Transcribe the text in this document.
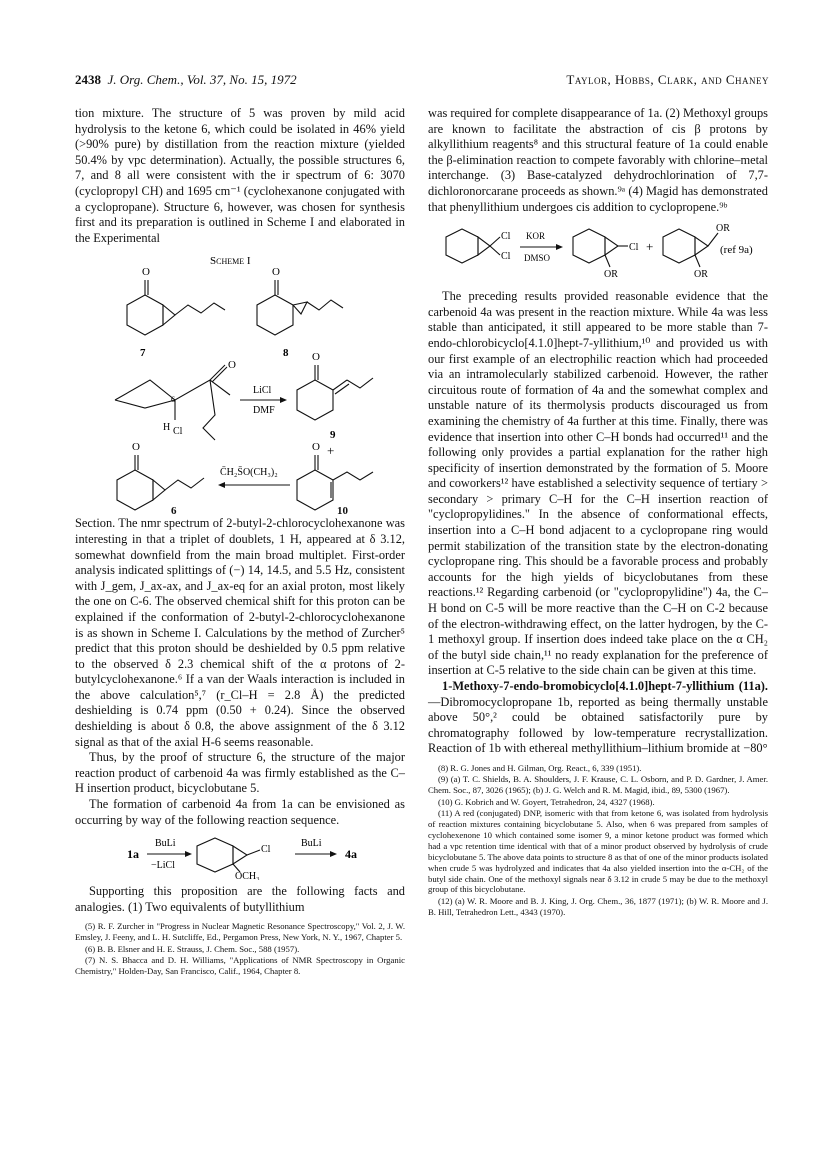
2438 J. Org. Chem., Vol. 37, No. 15, 1972	Taylor, Hobbs, Clark, and Chaney

tion mixture. The structure of 5 was proven by mild acid hydrolysis to the ketone 6, which could be isolated in 46% yield (>90% pure) by distillation from the reaction mixture (yielded 50.4% by vpc determination). Actually, the possible structures 6, 7, and 8 all were consistent with the ir spectrum of 6: 3070 (cyclopropyl CH) and 1695 cm⁻¹ (cyclohexanone conjugated with a cyclopropane). Structure 6, however, was chosen for synthesis first and its preparation is outlined in Scheme I and elaborated in the Experimental

Scheme I
O
7
O
8
O
6
H Cl
LiCl
DMF
O
9
+
O
C̄H₂S̄O(CH₃)₂
O
6	10

Section. The nmr spectrum of 2-butyl-2-chlorocyclohexanone was interesting in that a triplet of doublets, 1 H, appeared at δ 3.12, somewhat downfield from the main broad multiplet. First-order analysis indicated splittings of (−) 14, 14.5, and 5.5 Hz, consistent with J_gem, J_ax-ax, and J_ax-eq for an axial proton, most likely the one on C-6. The observed chemical shift for this proton can be explained if the conformation of 2-butyl-2-chlorocyclohexanone is as shown in Scheme I. Calculations by the method of Zurcher⁵ predict that this proton should be deshielded by 0.5 ppm relative to the observed δ 2.3 chemical shift of the α protons of 2-butylcyclohexanone.⁶ If a van der Waals interaction is included in the above calculation⁵,⁷ (r_Cl–H = 2.8 Å) the predicted deshielding is 0.74 ppm (0.50 + 0.24). Since the observed deshielding is about δ 0.8, the above assignment of the δ 3.12 signal as that of the axial H-6 seems reasonable.

Thus, by the proof of structure 6, the structure of the major reaction product of carbenoid 4a was firmly established as the C–H insertion product, bicyclobutane 5.

The formation of carbenoid 4a from 1a can be envisioned as occurring by way of the following reaction sequence.

1a
BuLi
−LiCl
Cl
OCH₃
BuLi
4a

Supporting this proposition are the following facts and analogies. (1) Two equivalents of butyllithium

(5) R. F. Zurcher in "Progress in Nuclear Magnetic Resonance Spectroscopy," Vol. 2, J. W. Emsley, J. Feeny, and L. H. Sutcliffe, Ed., Pergamon Press, New York, N. Y., 1967, Chapter 5.

(6) B. B. Elsner and H. E. Strauss, J. Chem. Soc., 588 (1957).

(7) N. S. Bhacca and D. H. Williams, "Applications of NMR Spectroscopy in Organic Chemistry," Holden-Day, San Francisco, Calif., 1964, Chapter 8.

was required for complete disappearance of 1a. (2) Methoxyl groups are known to facilitate the abstraction of cis β protons by alkyllithium reagents⁸ and this structural feature of 1a could enable the β-elimination reaction to compete favorably with chlorine–metal interchange. (3) Base-catalyzed dehydrochlorination of 7,7-dichloronorcarane proceeds as shown.⁹ᵃ (4) Magid has demonstrated that phenyllithium undergoes cis addition to cyclopropene.⁹ᵇ

Cl
Cl
KOR
DMSO
Cl
OR
+
OR
OR
(ref 9a)

The preceding results provided reasonable evidence that the carbenoid 4a was present in the reaction mixture. While 4a was less stable than anticipated, it still appeared to be more stable than 7-endo-chlorobicyclo[4.1.0]hept-7-yllithium,¹⁰ and provided us with our first example of an electrophilic reaction which had proceeded via an intramolecularly stabilized carbenoid. However, the rather circuitous route of formation of 4a and the somewhat complex and unstable nature of its thermolysis products discouraged us from examining the chemistry of 4a further at this time. Finally, there was evidence that insertion into other C–H bonds had occurred¹¹ and the following only provides a partial explanation for the rather high specificity of insertion demonstrated by the formation of 5. Moore and coworkers¹² have established a selectivity sequence of tertiary > secondary > primary C–H for the C–H insertion reaction of "cyclopropylidines." In the absence of conformational effects, insertion into a C–H bond adjacent to a cyclopropane ring would permit stabilization of the transition state by the electron-donating cyclopropane ring. This should be a favorable process and probably accounts for the high yields of bicyclobutanes from these reactions.¹² Regarding carbenoid (or "cyclopropylidine") 4a, the C–H bond on C-5 will be more reactive than the C–H on C-2 because of the electron-withdrawing effect, on the latter hydrogen, by the C-1 methoxyl group. If insertion does indeed take place on the α CH₂ of the butyl side chain,¹¹ no ready explanation for the preference of insertion at C-5 relative to the side chain can be given at this time.

1-Methoxy-7-endo-bromobicyclo[4.1.0]hept-7-yllithium (11a).—Dibromocyclopropane 1b, reported as being thermally unstable above 50°,² could be obtained satisfactorily pure by chromatography followed by low-temperature recrystallization. Reaction of 1b with ethereal methyllithium–lithium bromide at −80°

(8) R. G. Jones and H. Gilman, Org. React., 6, 339 (1951).

(9) (a) T. C. Shields, B. A. Shoulders, J. F. Krause, C. L. Osborn, and P. D. Gardner, J. Amer. Chem. Soc., 87, 3026 (1965); (b) J. G. Welch and R. M. Magid, ibid., 89, 5300 (1967).

(10) G. Kobrich and W. Goyert, Tetrahedron, 24, 4327 (1968).

(11) A red (conjugated) DNP, isomeric with that from ketone 6, was isolated from hydrolysis of reaction mixtures containing bicyclobutane 5. Also, when 6 was prepared from samples of cyclohexenone 10 which contained some isomer 9, a minor ketone product was formed which had a vpc retention time identical with that of a minor product observed by hydrolysis of crude bicyclobutane 5. The above data points to structure 8 as that of one of the minor products isolated when crude 5 was hydrolyzed and indicates that 4a also yielded insertion into the α-CH₂ of the butyl side chain. One of the methoxyl signals near δ 3.12 in crude 5 may be due to the methoxyl group of this bicyclobutane.

(12) (a) W. R. Moore and B. J. King, J. Org. Chem., 36, 1877 (1971); (b) W. R. Moore and J. B. Hill, Tetrahedron Lett., 4343 (1970).
